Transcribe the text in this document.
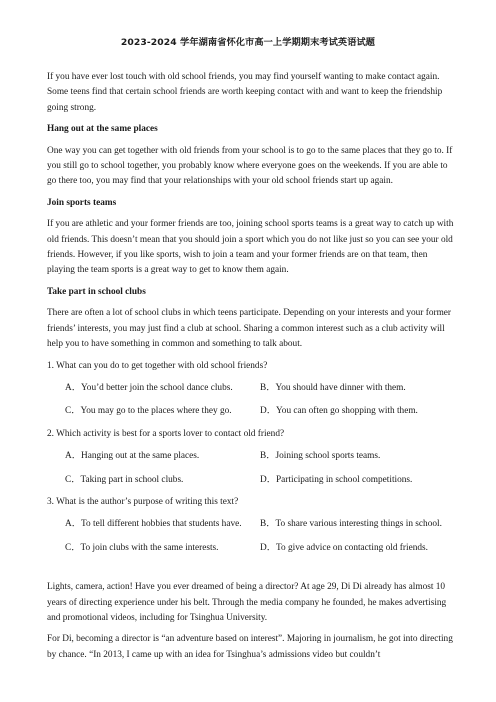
2023-2024 学年湖南省怀化市高一上学期期末考试英语试题

If you have ever lost touch with old school friends, you may find yourself wanting to make contact again. Some teens find that certain school friends are worth keeping contact with and want to keep the friendship going strong.

Hang out at the same places

One way you can get together with old friends from your school is to go to the same places that they go to. If you still go to school together, you probably know where everyone goes on the weekends. If you are able to go there too, you may find that your relationships with your old school friends start up again.

Join sports teams

If you are athletic and your former friends are too, joining school sports teams is a great way to catch up with old friends. This doesn’t mean that you should join a sport which you do not like just so you can see your old friends. However, if you like sports, wish to join a team and your former friends are on that team, then playing the team sports is a great way to get to know them again.

Take part in school clubs

There are often a lot of school clubs in which teens participate. Depending on your interests and your former friends’ interests, you may just find a club at school. Sharing a common interest such as a club activity will help you to have something in common and something to talk about.

1. What can you do to get together with old school friends?

A．You’d better join the school dance clubs.	B．You should have dinner with them.
C．You may go to the places where they go.	D．You can often go shopping with them.

2. Which activity is best for a sports lover to contact old friend?

A．Hanging out at the same places.	B．Joining school sports teams.
C．Taking part in school clubs.	D．Participating in school competitions.

3. What is the author’s purpose of writing this text?

A．To tell different hobbies that students have.	B．To share various interesting things in school.
C．To join clubs with the same interests.	D．To give advice on contacting old friends.

Lights, camera, action! Have you ever dreamed of being a director? At age 29, Di Di already has almost 10 years of directing experience under his belt. Through the media company he founded, he makes advertising and promotional videos, including for Tsinghua University.

For Di, becoming a director is “an adventure based on interest”. Majoring in journalism, he got into directing by chance. “In 2013, I came up with an idea for Tsinghua’s admissions video but couldn’t
